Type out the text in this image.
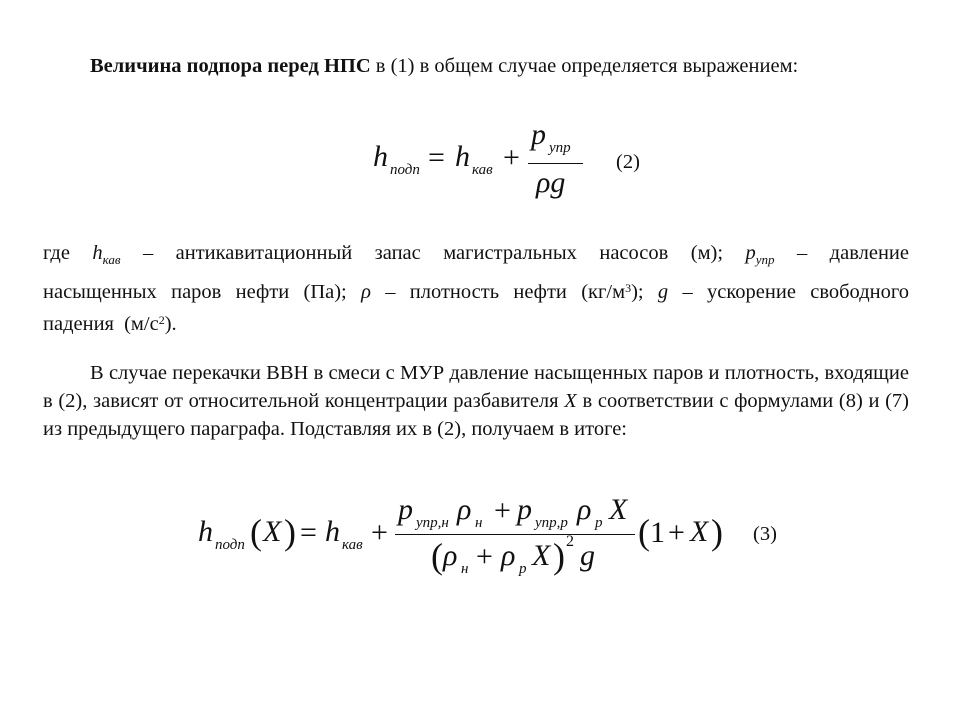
Величина подпора перед НПС в (1) в общем случае определяется выражением:
h подп = h кав +
p упр
ρg
(2)
где $h_{кав}$ – антикавитационный запас магистральных насосов (м); $p_{упр}$ – давление насыщенных паров нефти (Па); ρ – плотность нефти $(кг/м^3)$; g – ускорение свободного падения $(м/с^2)$.
В случае перекачки ВВН в смеси с МУР давление насыщенных паров и плотность, входящие в (2), зависят от относительной концентрации разбавителя X в соответствии с формулами (8) и (7) из предыдущего параграфа. Подставляя их в (2), получаем в итоге:
h подп ( X ) = h кав +
p упр,н ρ н + p упр,р ρ р X
( ρ н + ρ р X ) 2 g
( 1 + X ) (3)
